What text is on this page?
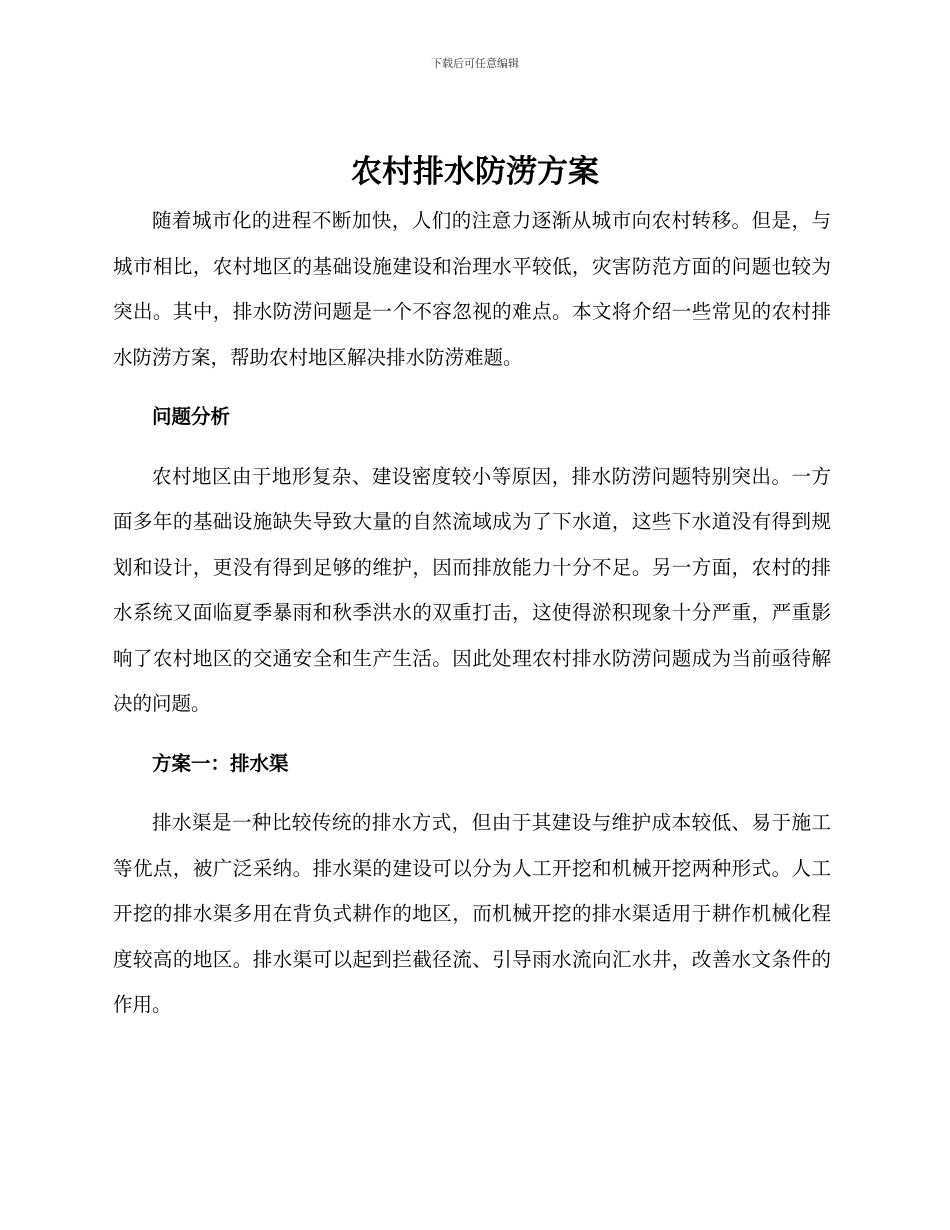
下载后可任意编辑
农村排水防涝方案

随着城市化的进程不断加快，人们的注意力逐渐从城市向农村转移。但是，与城市相比，农村地区的基础设施建设和治理水平较低，灾害防范方面的问题也较为突出。其中，排水防涝问题是一个不容忽视的难点。本文将介绍一些常见的农村排水防涝方案，帮助农村地区解决排水防涝难题。

问题分析

农村地区由于地形复杂、建设密度较小等原因，排水防涝问题特别突出。一方面多年的基础设施缺失导致大量的自然流域成为了下水道，这些下水道没有得到规划和设计，更没有得到足够的维护，因而排放能力十分不足。另一方面，农村的排水系统又面临夏季暴雨和秋季洪水的双重打击，这使得淤积现象十分严重，严重影响了农村地区的交通安全和生产生活。因此处理农村排水防涝问题成为当前亟待解决的问题。

方案一：排水渠

排水渠是一种比较传统的排水方式，但由于其建设与维护成本较低、易于施工等优点，被广泛采纳。排水渠的建设可以分为人工开挖和机械开挖两种形式。人工开挖的排水渠多用在背负式耕作的地区，而机械开挖的排水渠适用于耕作机械化程度较高的地区。排水渠可以起到拦截径流、引导雨水流向汇水井，改善水文条件的作用。
